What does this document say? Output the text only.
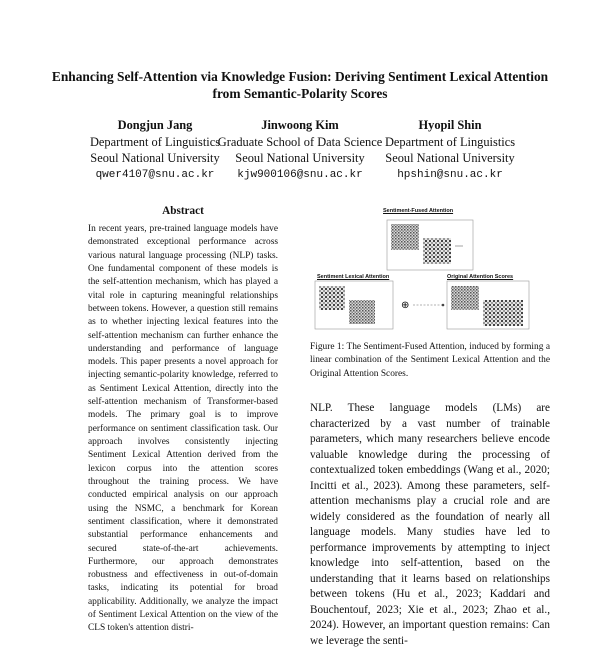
Enhancing Self-Attention via Knowledge Fusion: Deriving Sentiment Lexical Attention from Semantic-Polarity Scores
Dongjun Jang
Department of Linguistics
Seoul National University
qwer4107@snu.ac.kr
Jinwoong Kim
Graduate School of Data Science
Seoul National University
kjw900106@snu.ac.kr
Hyopil Shin
Department of Linguistics
Seoul National University
hpshin@snu.ac.kr
Abstract
In recent years, pre-trained language models have demonstrated exceptional performance across various natural language processing (NLP) tasks. One fundamental component of these models is the self-attention mechanism, which has played a vital role in capturing meaningful relationships between tokens. However, a question still remains as to whether injecting lexical features into the self-attention mechanism can further enhance the understanding and performance of language models. This paper presents a novel approach for injecting semantic-polarity knowledge, referred to as Sentiment Lexical Attention, directly into the self-attention mechanism of Transformer-based models. The primary goal is to improve performance on sentiment classification task. Our approach involves consistently injecting Sentiment Lexical Attention derived from the lexicon corpus into the attention scores throughout the training process. We have conducted empirical analysis on our approach using the NSMC, a benchmark for Korean sentiment classification, where it demonstrated substantial performance enhancements and secured state-of-the-art achievements. Furthermore, our approach demonstrates robustness and effectiveness in out-of-domain tasks, indicating its potential for broad applicability. Additionally, we analyze the impact of Sentiment Lexical Attention on the view of the CLS token's attention distri-
Sentiment-Fused Attention
Sentiment Lexical Attention	Original Attention Scores
⊕
Figure 1: The Sentiment-Fused Attention, induced by forming a linear combination of the Sentiment Lexical Attention and the Original Attention Scores.
NLP. These language models (LMs) are characterized by a vast number of trainable parameters, which many researchers believe encode valuable knowledge during the processing of contextualized token embeddings (Wang et al., 2020; Incitti et al., 2023). Among these parameters, self-attention mechanisms play a crucial role and are widely considered as the foundation of nearly all language models. Many studies have led to performance improvements by attempting to inject knowledge into self-attention, based on the understanding that it learns based on relationships between tokens (Hu et al., 2023; Kaddari and Bouchentouf, 2023; Xie et al., 2023; Zhao et al., 2024). However, an important question remains: Can we leverage the senti-
